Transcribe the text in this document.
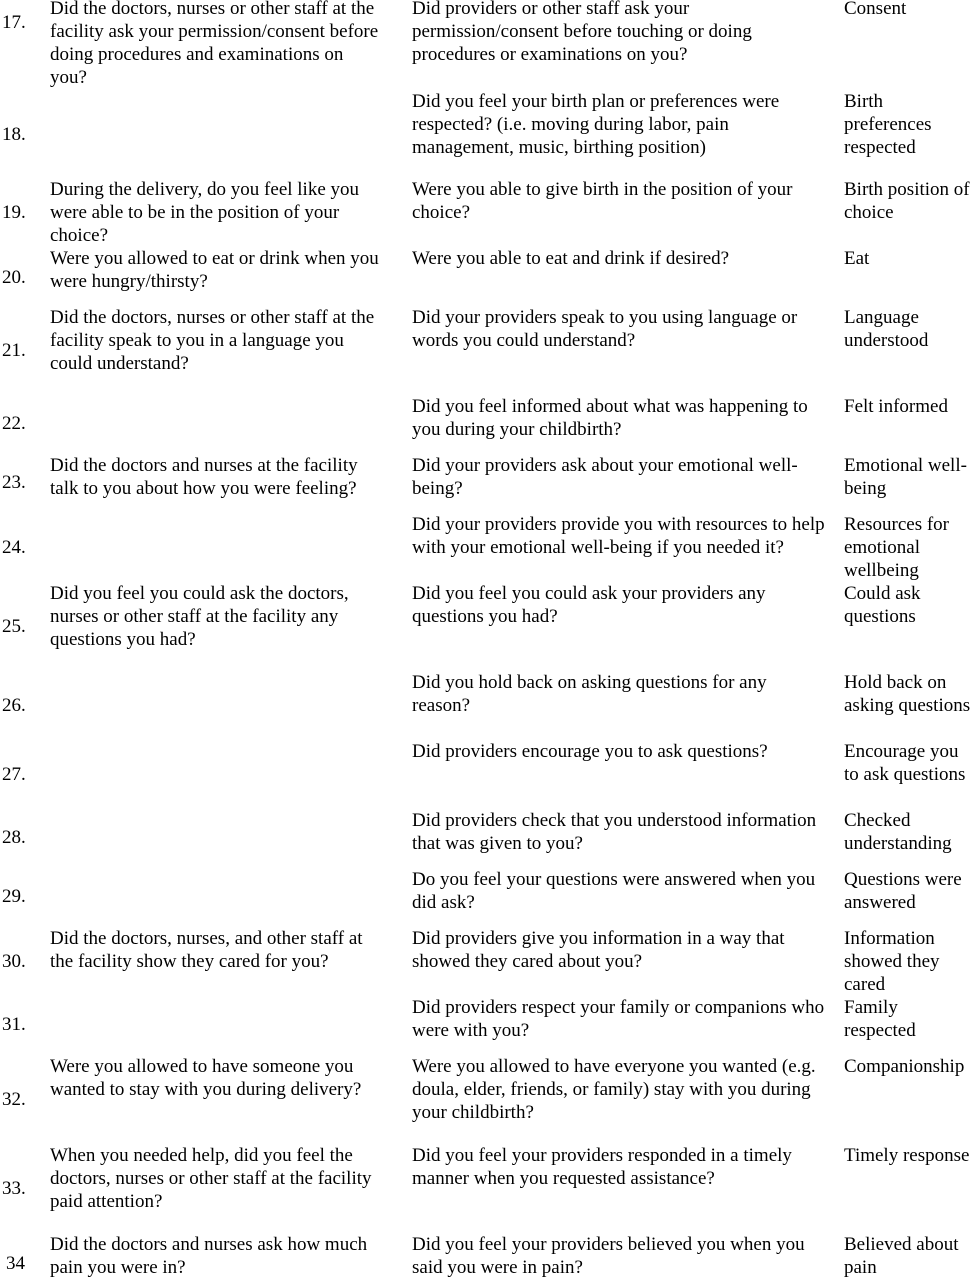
17.

Did the doctors, nurses or other staff at the facility ask your permission/consent before doing procedures and examinations on you?

Did providers or other staff ask your permission/consent before touching or doing procedures or examinations on you?

Consent

18.

Did you feel your birth plan or preferences were respected? (i.e. moving during labor, pain management, music, birthing position)

Birth preferences respected

19.

During the delivery, do you feel like you were able to be in the position of your choice?

Were you able to give birth in the position of your choice?

Birth position of choice

20.

Were you allowed to eat or drink when you were hungry/thirsty?

Were you able to eat and drink if desired?	Eat

21.

Did the doctors, nurses or other staff at the facility speak to you in a language you could understand?

Did your providers speak to you using language or words you could understand?

Language understood

22.

Did you feel informed about what was happening to you during your childbirth?

Felt informed

23.

Did the doctors and nurses at the facility talk to you about how you were feeling?

Did your providers ask about your emotional well-being?

Emotional well-being

24.

Did your providers provide you with resources to help with your emotional well-being if you needed it?

Resources for emotional wellbeing

25.

Did you feel you could ask the doctors, nurses or other staff at the facility any questions you had?

Did you feel you could ask your providers any questions you had?

Could ask questions

26.

Did you hold back on asking questions for any reason?

Hold back on asking questions

27.

Did providers encourage you to ask questions?	Encourage you to ask questions

28.

Did providers check that you understood information that was given to you?

Checked understanding

29.

Do you feel your questions were answered when you did ask?

Questions were answered

30.

Did the doctors, nurses, and other staff at the facility show they cared for you?

Did providers give you information in a way that showed they cared about you?

Information showed they cared

31.

Did providers respect your family or companions who were with you?

Family respected

32.

Were you allowed to have someone you wanted to stay with you during delivery?

Were you allowed to have everyone you wanted (e.g. doula, elder, friends, or family) stay with you during your childbirth?

Companionship

33.

When you needed help, did you feel the doctors, nurses or other staff at the facility paid attention?

Did you feel your providers responded in a timely manner when you requested assistance?

Timely response

34

Did the doctors and nurses ask how much pain you were in?

Did you feel your providers believed you when you said you were in pain?

Believed about pain
